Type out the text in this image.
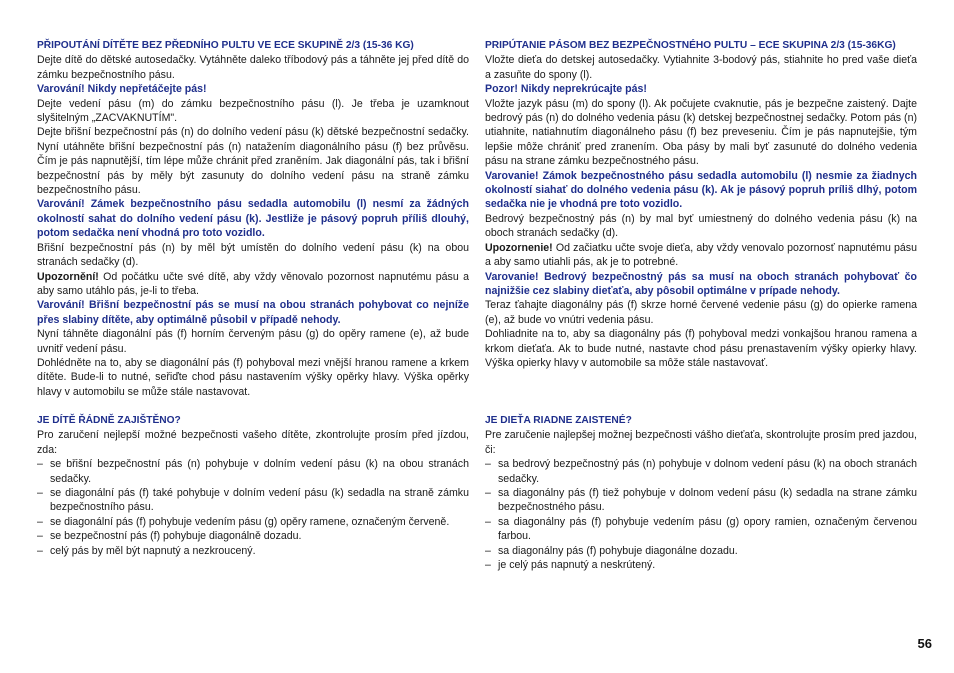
PŘIPOUTÁNÍ DÍTĚTE BEZ PŘEDNÍHO PULTU VE ECE SKUPINĚ 2/3 (15-36 KG)

Dejte dítě do dětské autosedačky. Vytáhněte daleko tříbodový pás a táhněte jej před dítě do zámku bezpečnostního pásu.

Varování! Nikdy nepřetáčejte pás!

Dejte vedení pásu (m) do zámku bezpečnostního pásu (l). Je třeba je uzamknout slyšitelným „ZACVAKNUTÍM".

Dejte břišní bezpečnostní pás (n) do dolního vedení pásu (k) dětské bezpečnostní sedačky. Nyní utáhněte břišní bezpečnostní pás (n) natažením diagonálního pásu (f) bez průvěsu. Čím je pás napnutější, tím lépe může chránit před zraněním. Jak diagonální pás, tak i břišní bezpečnostní pás by měly být zasunuty do dolního vedení pásu na straně zámku bezpečnostního pásu.

Varování! Zámek bezpečnostního pásu sedadla automobilu (l) nesmí za žádných okolností sahat do dolního vedení pásu (k). Jestliže je pásový popruh příliš dlouhý, potom sedačka není vhodná pro toto vozidlo.

Břišní bezpečnostní pás (n) by měl být umístěn do dolního vedení pásu (k) na obou stranách sedačky (d).

Upozornění! Od počátku učte své dítě, aby vždy věnovalo pozornost napnutému pásu a aby samo utáhlo pás, je-li to třeba.

Varování! Břišní bezpečnostní pás se musí na obou stranách pohybovat co nejníže přes slabiny dítěte, aby optimálně působil v případě nehody.

Nyní táhněte diagonální pás (f) horním červeným pásu (g) do opěry ramene (e), až bude uvnitř vedení pásu.

Dohlédněte na to, aby se diagonální pás (f) pohyboval mezi vnější hranou ramene a krkem dítěte. Bude-li to nutné, seřiďte chod pásu nastavením výšky opěrky hlavy. Výška opěrky hlavy v automobilu se může stále nastavovat.

PRIPÚTANIE PÁSOM BEZ BEZPEČNOSTNÉHO PULTU – ECE SKUPINA 2/3 (15-36KG)

Vložte dieťa do detskej autosedačky. Vytiahnite 3-bodový pás, stiahnite ho pred vaše dieťa a zasuňte do spony (l).

Pozor! Nikdy neprekrúcajte pás!

Vložte jazyk pásu (m) do spony (l). Ak počujete cvaknutie, pás je bezpečne zaistený. Dajte bedrový pás (n) do dolného vedenia pásu (k) detskej bezpečnostnej sedačky. Potom pás (n) utiahnite, natiahnutím diagonálneho pásu (f) bez preveseniu. Čím je pás napnutejšie, tým lepšie môže chrániť pred zranením. Oba pásy by mali byť zasunuté do dolného vedenia pásu na strane zámku bezpečnostného pásu.

Varovanie! Zámok bezpečnostného pásu sedadla automobilu (l) nesmie za žiadnych okolností siahať do dolného vedenia pásu (k). Ak je pásový popruh príliš dlhý, potom sedačka nie je vhodná pre toto vozidlo.

Bedrový bezpečnostný pás (n) by mal byť umiestnený do dolného vedenia pásu (k) na oboch stranách sedačky (d).

Upozornenie! Od začiatku učte svoje dieťa, aby vždy venovalo pozornosť napnutému pásu a aby samo utiahli pás, ak je to potrebné.

Varovanie! Bedrový bezpečnostný pás sa musí na oboch stranách pohybovať čo najnižšie cez slabiny dieťaťa, aby pôsobil optimálne v prípade nehody.

Teraz ťahajte diagonálny pás (f) skrze horné červené vedenie pásu (g) do opierke ramena (e), až bude vo vnútri vedenia pásu.

Dohliadnite na to, aby sa diagonálny pás (f) pohyboval medzi vonkajšou hranou ramena a krkom dieťaťa. Ak to bude nutné, nastavte chod pásu prenastavením výšky opierky hlavy. Výška opierky hlavy v automobile sa môže stále nastavovať.

JE DÍTĚ ŘÁDNĚ ZAJIŠTĚNO?

Pro zaručení nejlepší možné bezpečnosti vašeho dítěte, zkontrolujte prosím před jízdou, zda:

– se břišní bezpečnostní pás (n) pohybuje v dolním vedení pásu (k) na obou stranách sedačky.
– se diagonální pás (f) také pohybuje v dolním vedení pásu (k) sedadla na straně zámku bezpečnostního pásu.
– se diagonální pás (f) pohybuje vedením pásu (g) opěry ramene, označeným červeně.
– se bezpečnostní pás (f) pohybuje diagonálně dozadu.
– celý pás by měl být napnutý a nezkroucený.
JE DIEŤA RIADNE ZAISTENÉ?

Pre zaručenie najlepšej možnej bezpečnosti vášho dieťaťa, skontrolujte prosím pred jazdou, či:

– sa bedrový bezpečnostný pás (n) pohybuje v dolnom vedení pásu (k) na oboch stranách sedačky.
– sa diagonálny pás (f) tiež pohybuje v dolnom vedení pásu (k) sedadla na strane zámku bezpečnostného pásu.
– sa diagonálny pás (f) pohybuje vedením pásu (g) opory ramien, označeným červenou farbou.
– sa diagonálny pás (f) pohybuje diagonálne dozadu.
– je celý pás napnutý a neskrútený.
56
